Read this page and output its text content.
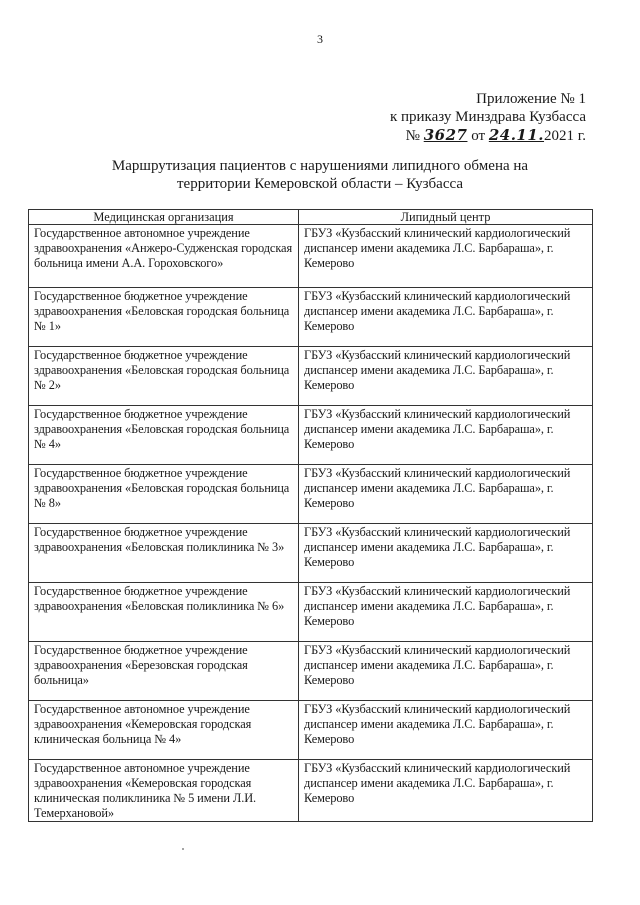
3
Приложение № 1
к приказу Минздрава Кузбасса
№ 3627 от 24.11.2021 г.
Маршрутизация пациентов с нарушениями липидного обмена на
территории Кемеровской области – Кузбасса
Медицинская организация	Липидный центр
Государственное автономное учреждение здравоохранения «Анжеро-Судженская городская больница имени А.А. Гороховского»	ГБУЗ «Кузбасский клинический кардиологический диспансер имени академика Л.С. Барбараша», г. Кемерово
Государственное бюджетное учреждение здравоохранения «Беловская городская больница № 1»	ГБУЗ «Кузбасский клинический кардиологический диспансер имени академика Л.С. Барбараша», г. Кемерово
Государственное бюджетное учреждение здравоохранения «Беловская городская больница № 2»	ГБУЗ «Кузбасский клинический кардиологический диспансер имени академика Л.С. Барбараша», г. Кемерово
Государственное бюджетное учреждение здравоохранения «Беловская городская больница № 4»	ГБУЗ «Кузбасский клинический кардиологический диспансер имени академика Л.С. Барбараша», г. Кемерово
Государственное бюджетное учреждение здравоохранения «Беловская городская больница № 8»	ГБУЗ «Кузбасский клинический кардиологический диспансер имени академика Л.С. Барбараша», г. Кемерово
Государственное бюджетное учреждение здравоохранения «Беловская поликлиника № 3»	ГБУЗ «Кузбасский клинический кардиологический диспансер имени академика Л.С. Барбараша», г. Кемерово
Государственное бюджетное учреждение здравоохранения «Беловская поликлиника № 6»	ГБУЗ «Кузбасский клинический кардиологический диспансер имени академика Л.С. Барбараша», г. Кемерово
Государственное бюджетное учреждение здравоохранения «Березовская городская больница»	ГБУЗ «Кузбасский клинический кардиологический диспансер имени академика Л.С. Барбараша», г. Кемерово
Государственное автономное учреждение здравоохранения «Кемеровская городская клиническая больница № 4»	ГБУЗ «Кузбасский клинический кардиологический диспансер имени академика Л.С. Барбараша», г. Кемерово
Государственное автономное учреждение здравоохранения «Кемеровская городская клиническая поликлиника № 5 имени Л.И. Темерхановой»	ГБУЗ «Кузбасский клинический кардиологический диспансер имени академика Л.С. Барбараша», г. Кемерово
